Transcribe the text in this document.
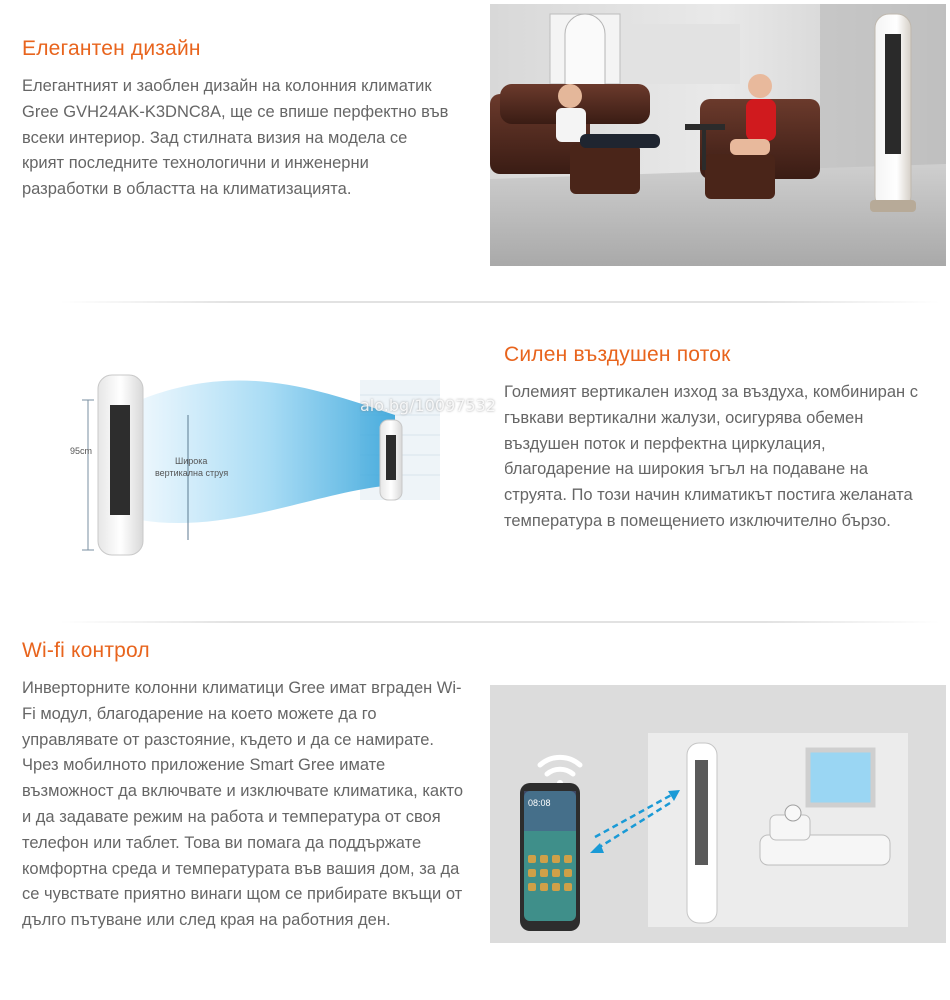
Елегантен дизайн

Елегантният и заоблен дизайн на колонния климатик Gree GVH24AK-K3DNC8A, ще се впише перфектно във всеки интериор. Зад стилната визия на модела се крият последните технологични и инженерни разработки в областта на климатизацията.

95cm
Широка
вертикална струя
alo.bg/10097532
Силен въздушен поток

Големият вертикален изход за въздуха, комбиниран с гъвкави вертикални жалузи, осигурява обемен въздушен поток и перфектна циркулация, благодарение на широкия ъгъл на подаване на струята. По този начин климатикът постига желаната температура в помещението изключително бързо.

Wi-fi контрол

Инверторните колонни климатици Gree имат вграден Wi-Fi модул, благодарение на което можете да го управлявате от разстояние, където и да се намирате. Чрез мобилното приложение Smart Gree имате възможност да включвате и изключвате климатика, както и да задавате режим на работа и температура от своя телефон или таблет. Това ви помага да поддържате комфортна среда и температурата във вашия дом, за да се чувствате приятно винаги щом се прибирате вкъщи от дълго пътуване или след края на работния ден.

08:08
